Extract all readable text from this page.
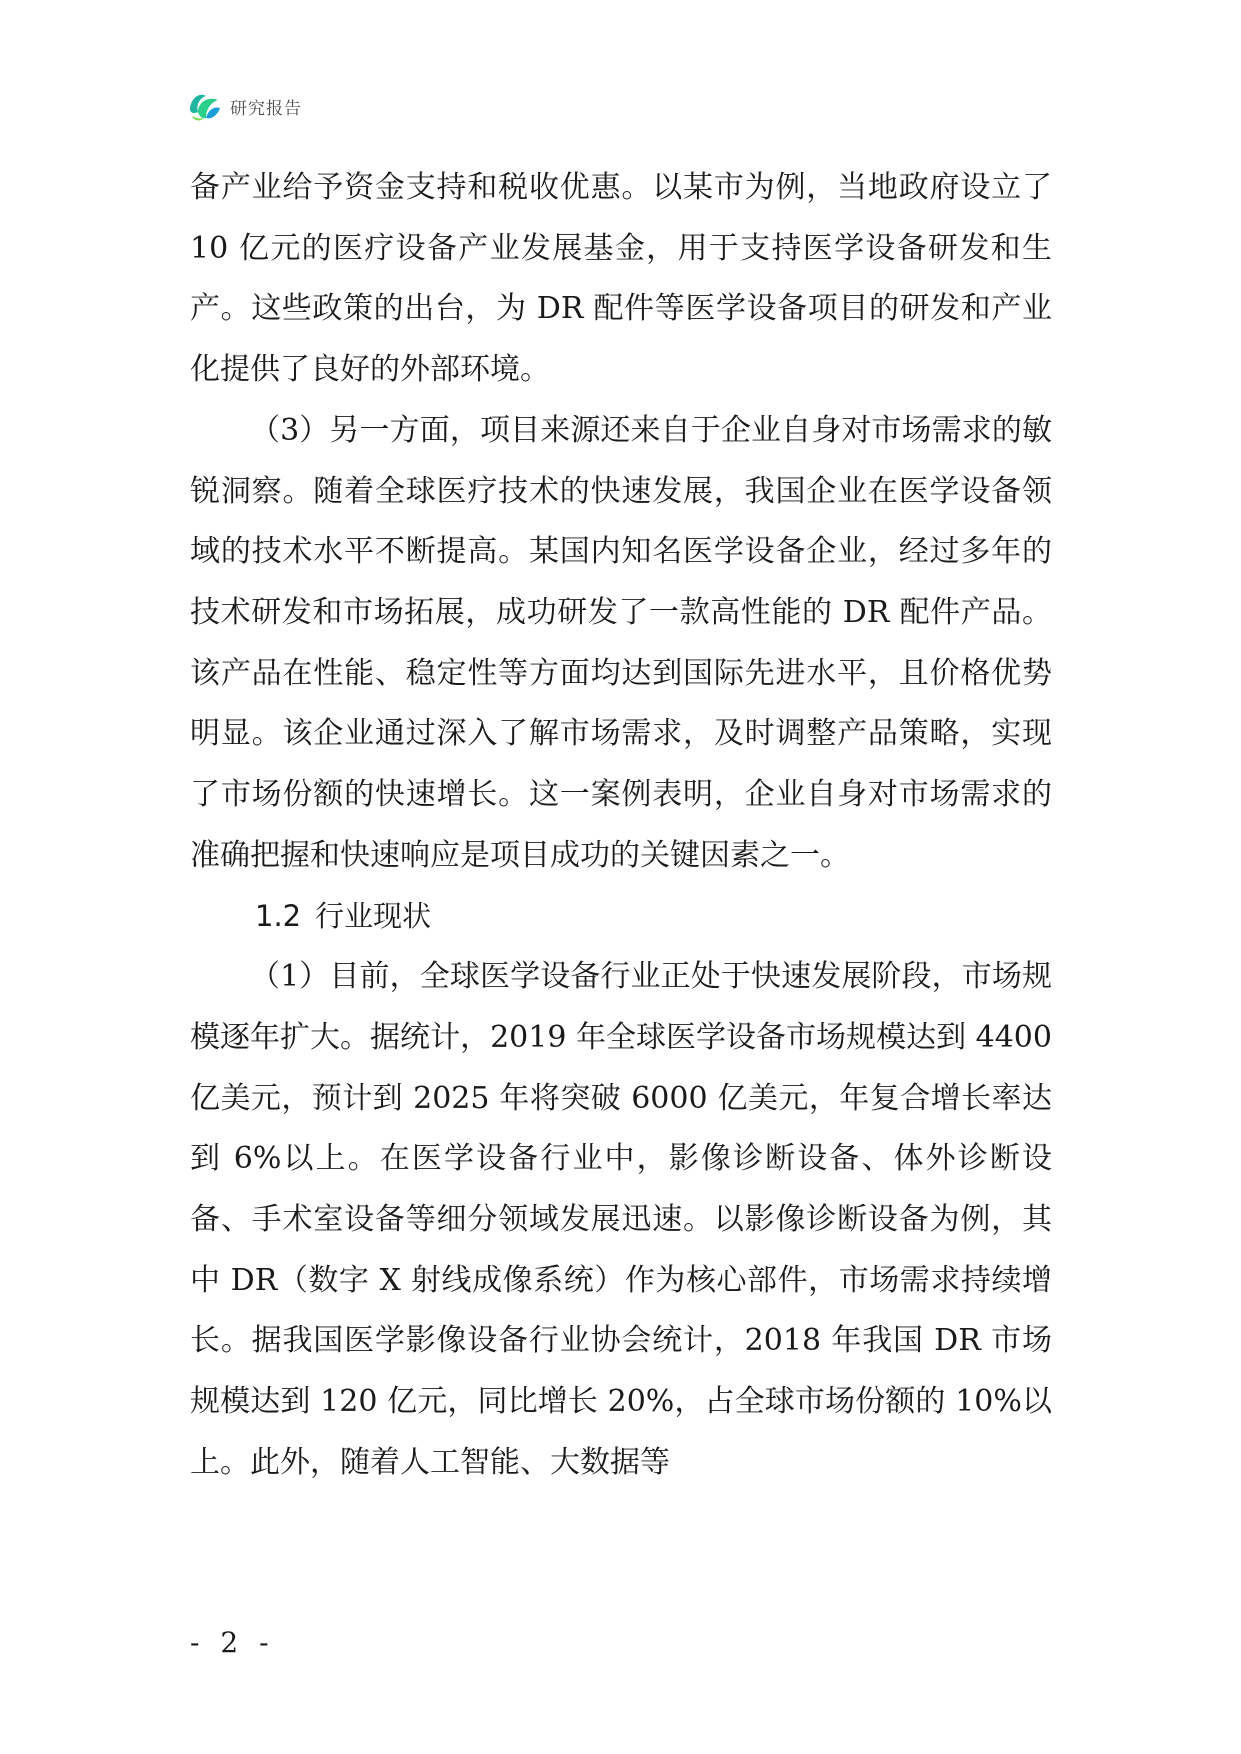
研究报告

备产业给予资金支持和税收优惠。以某市为例，当地政府设立了 10 亿元的医疗设备产业发展基金，用于支持医学设备研发和生产。这些政策的出台，为 DR 配件等医学设备项目的研发和产业化提供了良好的外部环境。

（3）另一方面，项目来源还来自于企业自身对市场需求的敏锐洞察。随着全球医疗技术的快速发展，我国企业在医学设备领域的技术水平不断提高。某国内知名医学设备企业，经过多年的技术研发和市场拓展，成功研发了一款高性能的 DR 配件产品。该产品在性能、稳定性等方面均达到国际先进水平，且价格优势明显。该企业通过深入了解市场需求，及时调整产品策略，实现了市场份额的快速增长。这一案例表明，企业自身对市场需求的准确把握和快速响应是项目成功的关键因素之一。

1.2 行业现状

（1）目前，全球医学设备行业正处于快速发展阶段，市场规模逐年扩大。据统计，2019 年全球医学设备市场规模达到 4400 亿美元，预计到 2025 年将突破 6000 亿美元，年复合增长率达到 6%以上。在医学设备行业中，影像诊断设备、体外诊断设备、手术室设备等细分领域发展迅速。以影像诊断设备为例，其中 DR（数字 X 射线成像系统）作为核心部件，市场需求持续增长。据我国医学影像设备行业协会统计，2018 年我国 DR 市场规模达到 120 亿元，同比增长 20%，占全球市场份额的 10%以上。此外，随着人工智能、大数据等

- 2 -
